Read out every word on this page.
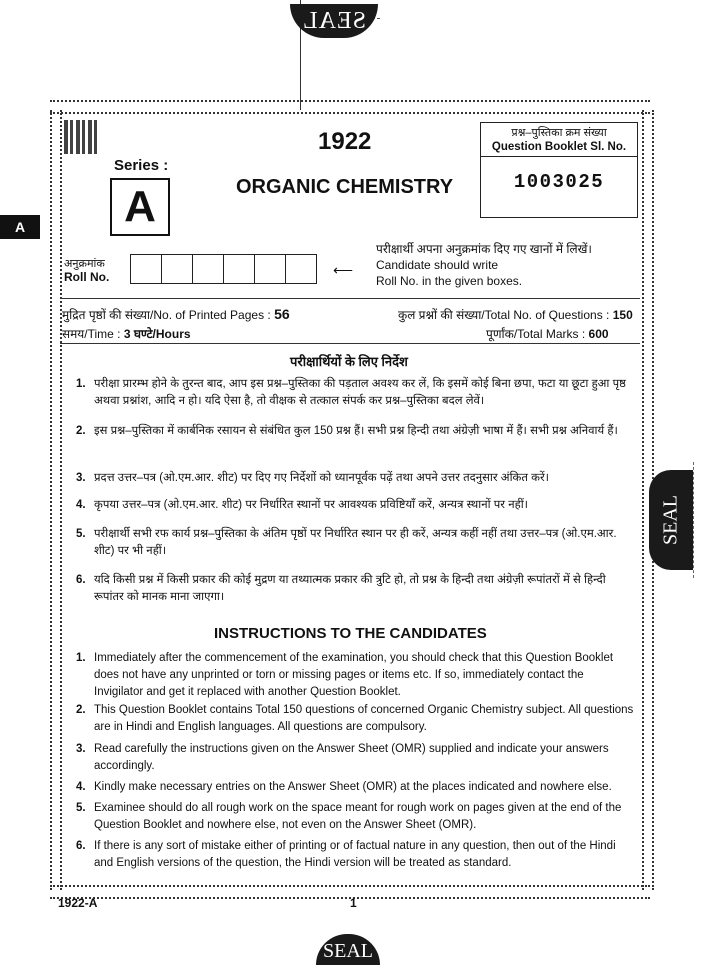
SEAL
A
SEAL
SEAL
1922
Series :
A	ORGANIC CHEMISTRY
प्रश्न–पुस्तिका क्रम संख्या
Question Booklet Sl. No.
1003025
अनुक्रमांक
Roll No.	⟵
परीक्षार्थी अपना अनुक्रमांक दिए गए खानों में लिखें।
Candidate should write
Roll No. in the given boxes.
मुद्रित पृष्ठों की संख्या/No. of Printed Pages : 56	कुल प्रश्नों की संख्या/Total No. of Questions : 150
समय/Time : 3 घण्टे/Hours	पूर्णांक/Total Marks : 600
परीक्षार्थियों के लिए निर्देश
1. परीक्षा प्रारम्भ होने के तुरन्त बाद, आप इस प्रश्न–पुस्तिका की पड़ताल अवश्य कर लें, कि इसमें कोई बिना छपा, फटा या छूटा हुआ पृष्ठ अथवा प्रश्नांश, आदि न हो। यदि ऐसा है, तो वीक्षक से तत्काल संपर्क कर प्रश्न–पुस्तिका बदल लेवें।
2. इस प्रश्न–पुस्तिका में कार्बनिक रसायन से संबंधित कुल 150 प्रश्न हैं। सभी प्रश्न हिन्दी तथा अंग्रेज़ी भाषा में हैं। सभी प्रश्न अनिवार्य हैं।
3. प्रदत्त उत्तर–पत्र (ओ.एम.आर. शीट) पर दिए गए निर्देशों को ध्यानपूर्वक पढ़ें तथा अपने उत्तर तदनुसार अंकित करें।
4. कृपया उत्तर–पत्र (ओ.एम.आर. शीट) पर निर्धारित स्थानों पर आवश्यक प्रविष्टियाँ करें, अन्यत्र स्थानों पर नहीं।
5. परीक्षार्थी सभी रफ कार्य प्रश्न–पुस्तिका के अंतिम पृष्ठों पर निर्धारित स्थान पर ही करें, अन्यत्र कहीं नहीं तथा उत्तर–पत्र (ओ.एम.आर. शीट) पर भी नहीं।
6. यदि किसी प्रश्न में किसी प्रकार की कोई मुद्रण या तथ्यात्मक प्रकार की त्रुटि हो, तो प्रश्न के हिन्दी तथा अंग्रेज़ी रूपांतरों में से हिन्दी रूपांतर को मानक माना जाएगा।
INSTRUCTIONS TO THE CANDIDATES
1. Immediately after the commencement of the examination, you should check that this Question Booklet does not have any unprinted or torn or missing pages or items etc. If so, immediately contact the Invigilator and get it replaced with another Question Booklet.
2. This Question Booklet contains Total 150 questions of concerned Organic Chemistry subject. All questions are in Hindi and English languages. All questions are compulsory.
3. Read carefully the instructions given on the Answer Sheet (OMR) supplied and indicate your answers accordingly.
4. Kindly make necessary entries on the Answer Sheet (OMR) at the places indicated and nowhere else.
5. Examinee should do all rough work on the space meant for rough work on pages given at the end of the Question Booklet and nowhere else, not even on the Answer Sheet (OMR).
6. If there is any sort of mistake either of printing or of factual nature in any question, then out of the Hindi and English versions of the question, the Hindi version will be treated as standard.
1922-A	1
